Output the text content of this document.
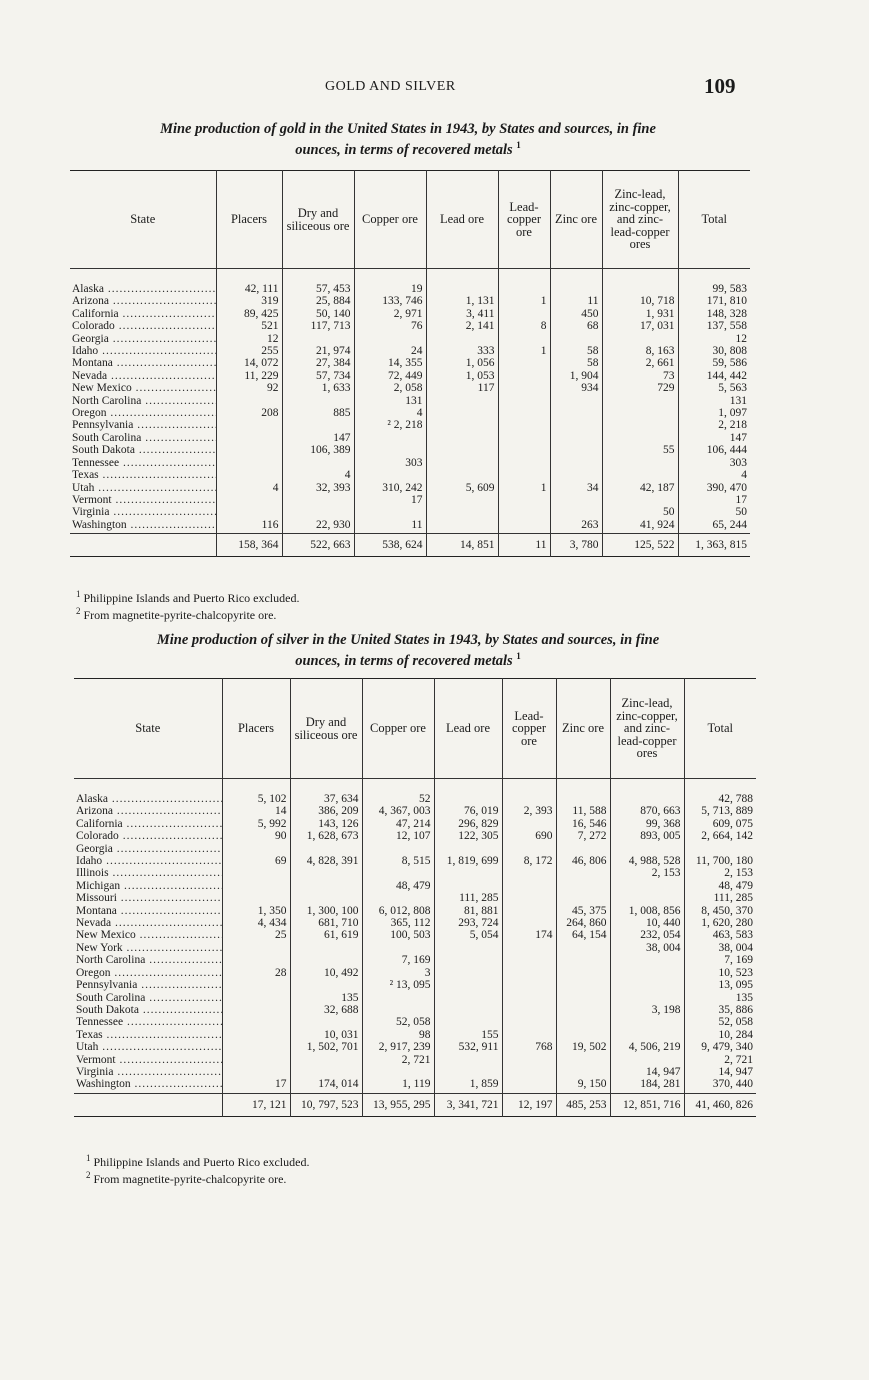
GOLD AND SILVER	109
Mine production of gold in the United States in 1943, by States and sources, in fine
ounces, in terms of recovered metals $^1$
State	Placers	Dry and siliceous ore	Copper ore	Lead ore	Lead-copper ore	Zinc ore	Zinc-lead, zinc-copper, and zinc-lead-copper ores	Total
Alaska .....	42, 111	57, 453	19					99, 583
Arizona .....	319	25, 884	133, 746	1, 131	1	11	10, 718	171, 810
California .....	89, 425	50, 140	2, 971	3, 411		450	1, 931	148, 328
Colorado .....	521	117, 713	76	2, 141	8	68	17, 031	137, 558
Georgia .....	12							12
Idaho .....	255	21, 974	24	333	1	58	8, 163	30, 808
Montana .....	14, 072	27, 384	14, 355	1, 056		58	2, 661	59, 586
Nevada .....	11, 229	57, 734	72, 449	1, 053		1, 904	73	144, 442
New Mexico .....	92	1, 633	2, 058	117		934	729	5, 563
North Carolina .....			131					131
Oregon .....	208	885	4					1, 097
Pennsylvania .....			² 2, 218					2, 218
South Carolina .....		147						147
South Dakota .....		106, 389					55	106, 444
Tennessee .....			303					303
Texas .....		4						4
Utah .....	4	32, 393	310, 242	5, 609	1	34	42, 187	390, 470
Vermont .....			17					17
Virginia .....							50	50
Washington .....	116	22, 930	11			263	41, 924	65, 244
	158, 364	522, 663	538, 624	14, 851	11	3, 780	125, 522	1, 363, 815
$^1$ Philippine Islands and Puerto Rico excluded.
$^2$ From magnetite-pyrite-chalcopyrite ore.
Mine production of silver in the United States in 1943, by States and sources, in fine
ounces, in terms of recovered metals $^1$
State	Placers	Dry and siliceous ore	Copper ore	Lead ore	Lead-copper ore	Zinc ore	Zinc-lead, zinc-copper, and zinc-lead-copper ores	Total
Alaska .....	5, 102	37, 634	52					42, 788
Arizona .....	14	386, 209	4, 367, 003	76, 019	2, 393	11, 588	870, 663	5, 713, 889
California .....	5, 992	143, 126	47, 214	296, 829		16, 546	99, 368	609, 075
Colorado .....	90	1, 628, 673	12, 107	122, 305	690	7, 272	893, 005	2, 664, 142
Georgia .....								
Idaho .....	69	4, 828, 391	8, 515	1, 819, 699	8, 172	46, 806	4, 988, 528	11, 700, 180
Illinois .....							2, 153	2, 153
Michigan .....			48, 479					48, 479
Missouri .....				111, 285				111, 285
Montana .....	1, 350	1, 300, 100	6, 012, 808	81, 881		45, 375	1, 008, 856	8, 450, 370
Nevada .....	4, 434	681, 710	365, 112	293, 724		264, 860	10, 440	1, 620, 280
New Mexico .....	25	61, 619	100, 503	5, 054	174	64, 154	232, 054	463, 583
New York .....							38, 004	38, 004
North Carolina .....			7, 169					7, 169
Oregon .....	28	10, 492	3					10, 523
Pennsylvania .....			² 13, 095					13, 095
South Carolina .....		135						135
South Dakota .....		32, 688					3, 198	35, 886
Tennessee .....			52, 058					52, 058
Texas .....		10, 031	98	155				10, 284
Utah .....		1, 502, 701	2, 917, 239	532, 911	768	19, 502	4, 506, 219	9, 479, 340
Vermont .....			2, 721					2, 721
Virginia .....							14, 947	14, 947
Washington .....	17	174, 014	1, 119	1, 859		9, 150	184, 281	370, 440
	17, 121	10, 797, 523	13, 955, 295	3, 341, 721	12, 197	485, 253	12, 851, 716	41, 460, 826
$^1$ Philippine Islands and Puerto Rico excluded.
$^2$ From magnetite-pyrite-chalcopyrite ore.
